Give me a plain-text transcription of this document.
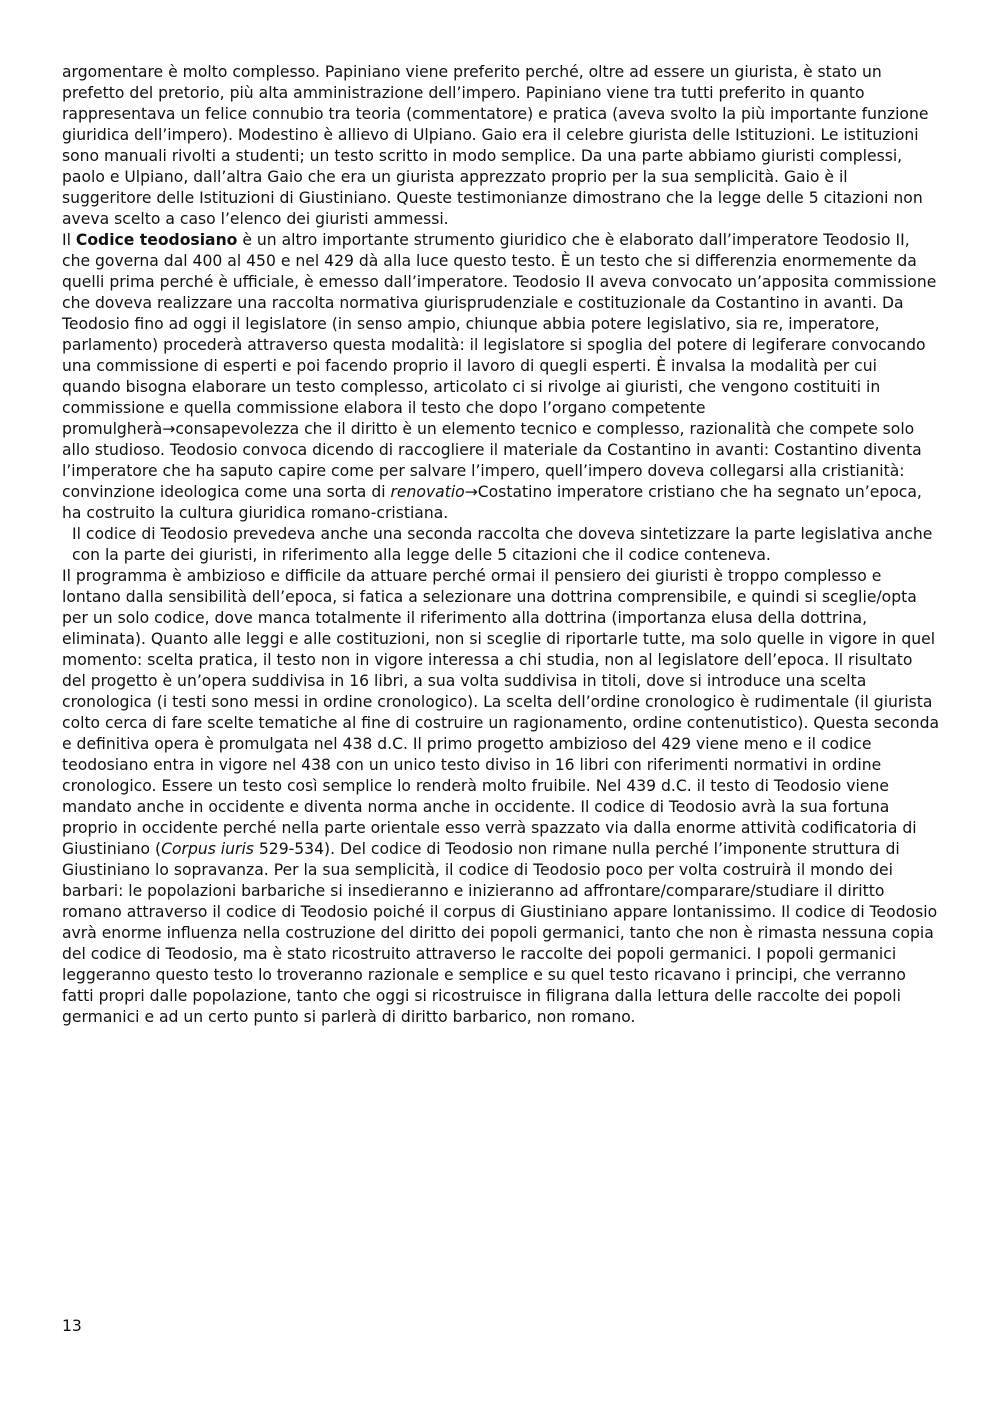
argomentare è molto complesso. Papiniano viene preferito perché, oltre ad essere un giurista, è stato un prefetto del pretorio, più alta amministrazione dell’impero. Papiniano viene tra tutti preferito in quanto rappresentava un felice connubio tra teoria (commentatore) e pratica (aveva svolto la più importante funzione giuridica dell’impero). Modestino è allievo di Ulpiano. Gaio era il celebre giurista delle Istituzioni. Le istituzioni sono manuali rivolti a studenti; un testo scritto in modo semplice. Da una parte abbiamo giuristi complessi, paolo e Ulpiano, dall’altra Gaio che era un giurista apprezzato proprio per la sua semplicità. Gaio è il suggeritore delle Istituzioni di Giustiniano. Queste testimonianze dimostrano che la legge delle 5 citazioni non aveva scelto a caso l’elenco dei giuristi ammessi.

Il Codice teodosiano è un altro importante strumento giuridico che è elaborato dall’imperatore Teodosio II, che governa dal 400 al 450 e nel 429 dà alla luce questo testo. È un testo che si differenzia enormemente da quelli prima perché è ufficiale, è emesso dall’imperatore. Teodosio II aveva convocato un’apposita commissione che doveva realizzare una raccolta normativa giurisprudenziale e costituzionale da Costantino in avanti. Da Teodosio fino ad oggi il legislatore (in senso ampio, chiunque abbia potere legislativo, sia re, imperatore, parlamento) procederà attraverso questa modalità: il legislatore si spoglia del potere di legiferare convocando una commissione di esperti e poi facendo proprio il lavoro di quegli esperti. È invalsa la modalità per cui quando bisogna elaborare un testo complesso, articolato ci si rivolge ai giuristi, che vengono costituiti in commissione e quella commissione elabora il testo che dopo l’organo competente promulgherà→consapevolezza che il diritto è un elemento tecnico e complesso, razionalità che compete solo allo studioso. Teodosio convoca dicendo di raccogliere il materiale da Costantino in avanti: Costantino diventa l’imperatore che ha saputo capire come per salvare l’impero, quell’impero doveva collegarsi alla cristianità: convinzione ideologica come una sorta di renovatio→Costatino imperatore cristiano che ha segnato un’epoca, ha costruito la cultura giuridica romano-cristiana.

Il codice di Teodosio prevedeva anche una seconda raccolta che doveva sintetizzare la parte legislativa anche con la parte dei giuristi, in riferimento alla legge delle 5 citazioni che il codice conteneva.

Il programma è ambizioso e difficile da attuare perché ormai il pensiero dei giuristi è troppo complesso e lontano dalla sensibilità dell’epoca, si fatica a selezionare una dottrina comprensibile, e quindi si sceglie/opta per un solo codice, dove manca totalmente il riferimento alla dottrina (importanza elusa della dottrina, eliminata). Quanto alle leggi e alle costituzioni, non si sceglie di riportarle tutte, ma solo quelle in vigore in quel momento: scelta pratica, il testo non in vigore interessa a chi studia, non al legislatore dell’epoca. Il risultato del progetto è un’opera suddivisa in 16 libri, a sua volta suddivisa in titoli, dove si introduce una scelta cronologica (i testi sono messi in ordine cronologico). La scelta dell’ordine cronologico è rudimentale (il giurista colto cerca di fare scelte tematiche al fine di costruire un ragionamento, ordine contenutistico). Questa seconda e definitiva opera è promulgata nel 438 d.C. Il primo progetto ambizioso del 429 viene meno e il codice teodosiano entra in vigore nel 438 con un unico testo diviso in 16 libri con riferimenti normativi in ordine cronologico. Essere un testo così semplice lo renderà molto fruibile. Nel 439 d.C. il testo di Teodosio viene mandato anche in occidente e diventa norma anche in occidente. Il codice di Teodosio avrà la sua fortuna proprio in occidente perché nella parte orientale esso verrà spazzato via dalla enorme attività codificatoria di Giustiniano (Corpus iuris 529-534). Del codice di Teodosio non rimane nulla perché l’imponente struttura di Giustiniano lo sopravanza. Per la sua semplicità, il codice di Teodosio poco per volta costruirà il mondo dei barbari: le popolazioni barbariche si insedieranno e inizieranno ad affrontare/comparare/studiare il diritto romano attraverso il codice di Teodosio poiché il corpus di Giustiniano appare lontanissimo. Il codice di Teodosio avrà enorme influenza nella costruzione del diritto dei popoli germanici, tanto che non è rimasta nessuna copia del codice di Teodosio, ma è stato ricostruito attraverso le raccolte dei popoli germanici. I popoli germanici leggeranno questo testo lo troveranno razionale e semplice e su quel testo ricavano i principi, che verranno fatti propri dalle popolazione, tanto che oggi si ricostruisce in filigrana dalla lettura delle raccolte dei popoli germanici e ad un certo punto si parlerà di diritto barbarico, non romano.

13
